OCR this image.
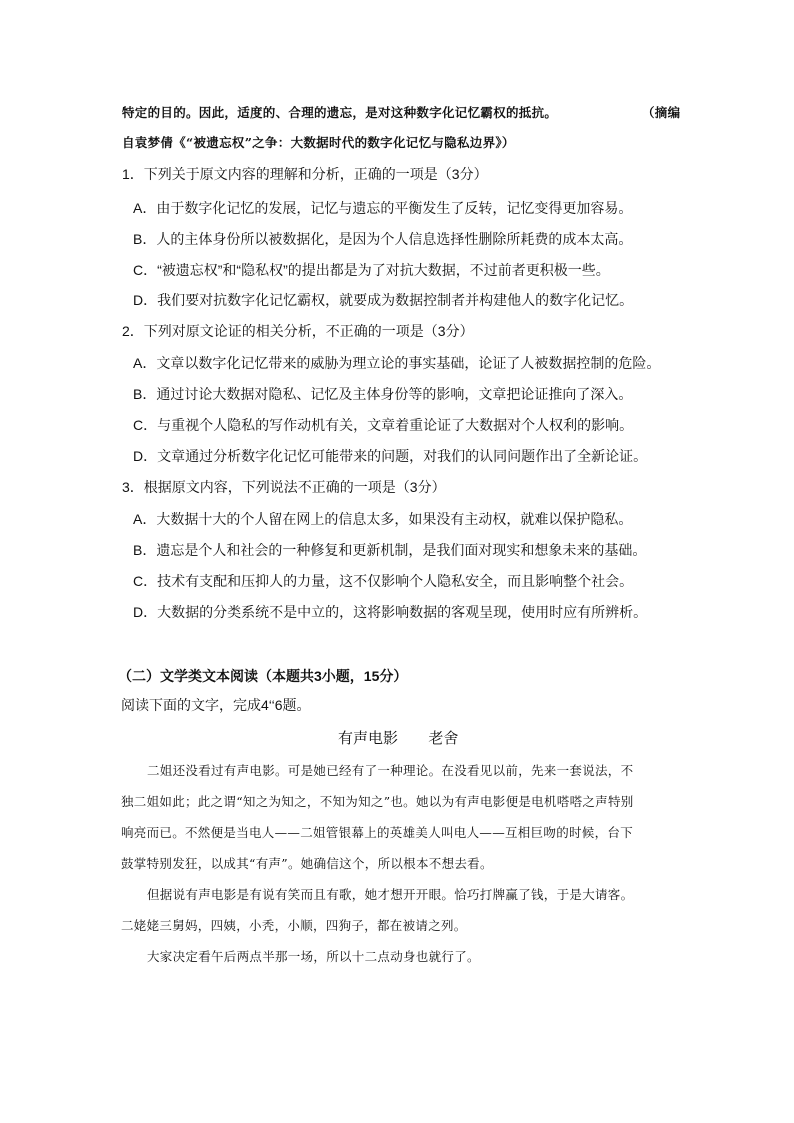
特定的目的。因此，适度的、合理的遗忘，是对这种数字化记忆霸权的抵抗。	（摘编
自袁梦倩《“被遗忘权”之争：大数据时代的数字化记忆与隐私边界》）
1．下列关于原文内容的理解和分析，正确的一项是（3分）
A．由于数字化记忆的发展，记忆与遗忘的平衡发生了反转，记忆变得更加容易。
B．人的主体身份所以被数据化，是因为个人信息选择性删除所耗费的成本太高。
C．“被遗忘权”和“隐私权”的提出都是为了对抗大数据，不过前者更积极一些。
D．我们要对抗数字化记忆霸权，就要成为数据控制者并构建他人的数字化记忆。
2．下列对原文论证的相关分析，不正确的一项是（3分）
A．文章以数字化记忆带来的威胁为理立论的事实基础，论证了人被数据控制的危险。
B．通过讨论大数据对隐私、记忆及主体身份等的影响，文章把论证推向了深入。
C．与重视个人隐私的写作动机有关，文章着重论证了大数据对个人权利的影响。
D．文章通过分析数字化记忆可能带来的问题，对我们的认同问题作出了全新论证。
3．根据原文内容，下列说法不正确的一项是（3分）
A．大数据十大的个人留在网上的信息太多，如果没有主动权，就难以保护隐私。
B．遗忘是个人和社会的一种修复和更新机制，是我们面对现实和想象未来的基础。
C．技术有支配和压抑人的力量，这不仅影响个人隐私安全，而且影响整个社会。
D．大数据的分类系统不是中立的，这将影响数据的客观呈现，使用时应有所辨析。
（二）文学类文本阅读（本题共3小题，15分）
阅读下面的文字，完成4‘‘6题。
有声电影 老舍
二姐还没看过有声电影。可是她已经有了一种理论。在没看见以前，先来一套说法，不
独二姐如此；此之谓“知之为知之，不知为知之”也。她以为有声电影便是电机嗒嗒之声特别
响亮而已。不然便是当电人——二姐管银幕上的英雄美人叫电人——互相巨吻的时候，台下
鼓掌特别发狂，以成其“有声”。她确信这个，所以根本不想去看。
但据说有声电影是有说有笑而且有歌，她才想开开眼。恰巧打牌赢了钱，于是大请客。
二姥姥三舅妈，四姨，小秃，小顺，四狗子，都在被请之列。
大家决定看午后两点半那一场，所以十二点动身也就行了。
